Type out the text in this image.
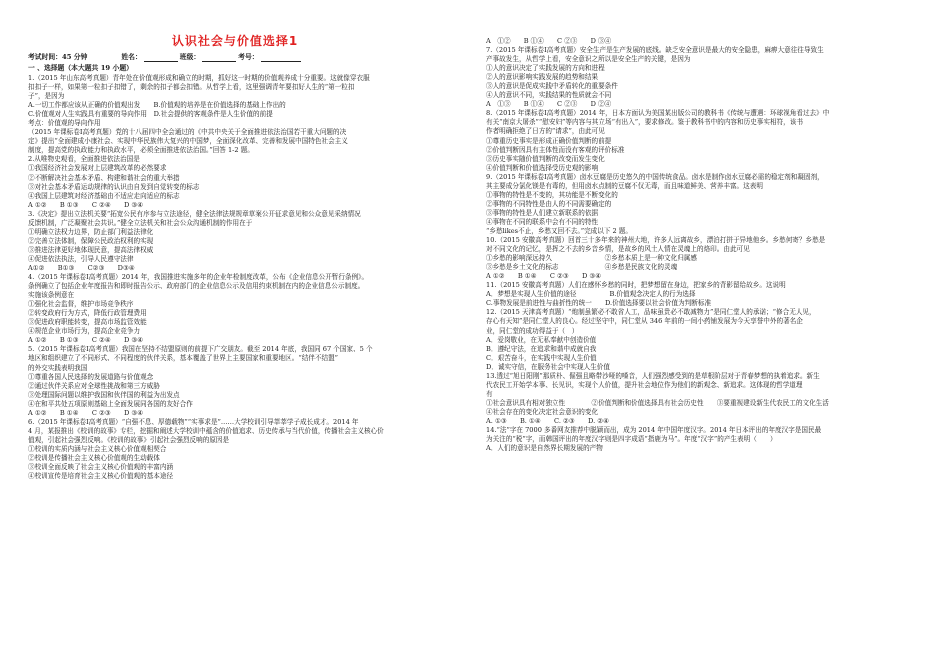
认识社会与价值选择1
考试时间：45 分钟　　　　　	姓名：	班级：	考号：
一 、选择题（本大题共 19 小题）

1.（2015 年山东高考真题）青年处在价值观形成和确立的时期，抓好这一时期的价值观养成十分重要。这就像穿衣服

扣扣子一样，如果第一粒扣子扣错了，剩余的扣子都会扣错。从哲学上看，这里强调青年要扣好人生的“第一粒扣

子”，是因为

A.一切工作都应该从正确的价值观出发　　B.价值观的培养是在价值选择的基础上作出的

C.价值观对人生实践具有重要的导向作用　D.社会提供的客观条件是人生价值的前提

考点：价值观的导向作用

（2015 年课标卷Ⅰ高考真题）党的十八届四中全会通过的《中共中央关于全面推进依法治国若干重大问题的决

定》提出“全面建成小康社会、实现中华民族伟大复兴的中国梦，全面深化改革、完善和发展中国特色社会主义

制度，提高党的执政能力和执政水平，必须全面推进依法治国。”回答 1-2 题。

2.从唯物史观看，全面推进依法治国是

①我国经济社会发展对上层建筑改革的必然要求

②不断解决社会基本矛盾、构建和谐社会的重大举措

③对社会基本矛盾运动规律的认识由自发到自觉转变的标志

④我国上层建筑对经济基础由不适应走向适应的标志

A ①②　　B ①③　　C ②④　　D ③④

3.《决定》提出立法机关要“拓宽公民有序参与立法途径，健全法律法规规章草案公开征求意见和公众意见采纳情况

反馈机制，广泛凝聚社会共识。”健全立法机关和社会公众沟通机制的作用在于

①明确立法权力边界，防止部门利益法律化

②完善立法体制，保障公民政治权利的实现

③推进法律更好地体现民意，提高法律权威

④促进依法执法，引导人民遵守法律

A①②　　B①③　　C②③　　D③④

4.（2015 年课标卷Ⅰ高考真题）2014 年，我国推进实施多年的企业年检制度改革，公布《企业信息公开暂行条例》。

条例确立了包括企业年度报告和即时报告公示、政府部门的企业信息公示及信用约束机制在内的企业信息公示制度。

实施该条例意在

①强化社会监督，维护市场竞争秩序

②转变政府行为方式，降低行政管理费用

③促进政府职能转变，提高市场监管效能

④规范企业市场行为，提高企业竞争力

A ①②　　B ①③　　C ②④　　D ③④

5.（2015 年课标卷Ⅰ高考真题）我国在坚持不结盟原则的前提下广交朋友。截至 2014 年底，我国同 67 个国家、5 个

地区和组织建立了不同形式、不同程度的伙伴关系，基本覆盖了世界上主要国家和重要地区。“结伴不结盟”

的外交实践表明我国

①尊重各国人民选择的发展道路与价值观念

②通过伙伴关系应对全球性挑战和第三方威胁

③处理国际问题以维护我国和伙伴国的利益为出发点

④在和平共处五项原则基础上全面发展同各国的友好合作

A ①②　　B ①④　　C ②③　　D ③④

6.（2015 年课标卷Ⅰ高考真题）“自强不息、厚德载物”“实事求是”……大学校训引导莘莘学子成长成才。2014 年

4 月，某报推出《校训的故事》专栏，挖掘和阐述大学校训中蕴含的价值追求、历史传承与当代价值，传播社会主义核心价

值观，引起社会强烈反响。《校训的故事》引起社会强烈反响的原因是

①校训的实质内涵与社会主义核心价值观相契合

②校训是传播社会主义核心价值观的生动载体

③校训全面反映了社会主义核心价值观的丰富内涵

④校训宣传是培育社会主义核心价值观的基本途径

A　①②　　B ①④　　C ②③　　D ③④

7.（2015 年课标卷Ⅰ高考真题）安全生产是生产发展的底线。缺乏安全意识是最大的安全隐患，麻痹大意往往导致生

产事故发生，从哲学上看，安全意识之所以是安全生产的关键，是因为

①人的意识决定了实践发展的方向和进程

②人的意识影响实践发展的趋势和结果

③人的意识是促成实践中矛盾转化的重要条件

④人的意识不同，实践结果的性质就会不同

A　①③　　B ①④　　C ②③　　D ②④

8.（2015 年课标卷Ⅰ高考真题）2014 年，日本方面认为美国某出版公司的教科书《传统与遭遇：环球视角看过去》中

有关“南京大屠杀”“慰安妇”等内容与其立场“有出入”，要求修改。鉴于教科书中的内容和历史事实相符，该书

作者明确拒绝了日方的“请求”，由此可见

①尊重历史事实是形成正确价值判断的前提

②价值判断因具有主体性而没有客观的评价标准

③历史事实随价值判断的改变而发生变化

④价值判断和价值选择受历史观的影响

9.（2015 年课标卷Ⅰ高考真题）卤水豆腐是历史悠久的中国传统食品。卤水是制作卤水豆腐必需的稳定剂和凝固剂，

其主要成分氯化镁是有毒的，但用卤水点制的豆腐不仅无毒，而且味道鲜美、营养丰富。这表明

①事物的特性是不变的，其功能是不断变化的

②事物的不同特性是由人的不同需要确定的

③事物的特性是人们建立新联系的依据

④事物在不同的联系中会有不同的特性

“乡愁likes不止，乡愁又回不去。”完成以下 2 题。

10.（2015 安徽高考真题）回首三十多年来的神州大地，许多人远离故乡，漂泊打拼于异地他乡。乡愁何寄？乡愁是

对不同文化的记忆，是挥之不去的乡音乡情，是故乡的风土人情在灵魂上的烙印。由此可见

①乡愁的影响深远持久　　　　　　　　②乡愁本质上是一种文化归属感

③乡愁是乡土文化的标志　　　　　　　④乡愁是民族文化的灵魂

A ①②　　B ①④　　C ②③　　D ③④

11.（2015 安徽高考真题）人们在感怀乡愁的同时，把梦想留在身边，把家乡的背影留给故乡。这说明

A．梦想是实现人生价值的途径　　　　　B.价值观念决定人的行为选择

C.事物发展是前进性与曲折性的统一　　D.价值选择要以社会价值为判断标准

12.（2015 天津高考真题）“炮制虽繁必不敢省人工，品味虽贵必不敢减物力”是同仁堂人的承诺；“修合无人见，

存心有天知”是同仁堂人的良心。经过坚守中，同仁堂从 346 年前的一间小药铺发展为今天享誉中外的著名企

业，同仁堂的成功得益于（　）

A．爱岗敬业，在无私奉献中创造价值

B．遵纪守法，在追求和谐中成就自我

C．艰苦奋斗，在实践中实现人生价值

D．诚实守信，在服务社会中实现人生价值

13.透过“旭日阳刚”那质朴、倔强且略带沙哑的嗓音，人们强烈感受到的是草根阶层对于青春梦想的执着追求。新生

代农民工开始学本事、长见识，实现个人价值，提升社会地位作为他们的新观念、新追求。这体现的哲学道理

有

①社会意识具有相对独立性　　　　②价值判断和价值选择具有社会历史性　　③要重视建设新生代农民工的文化生活

④社会存在的变化决定社会意识的变化

A. ①③　　B. ①④　　C. ②③　　D. ②④

14.“法”字在 7000 多番网友推荐中脱颖而出，成为 2014 年中国年度汉字。2014 年日本评出的年度汉字是国民最

为关注的“税”字，而韩国评出的年度汉字则是四字成语“指鹿为马”。年度“汉字”的产生表明（　　）

A．人们的意识是自然界长期发展的产物
